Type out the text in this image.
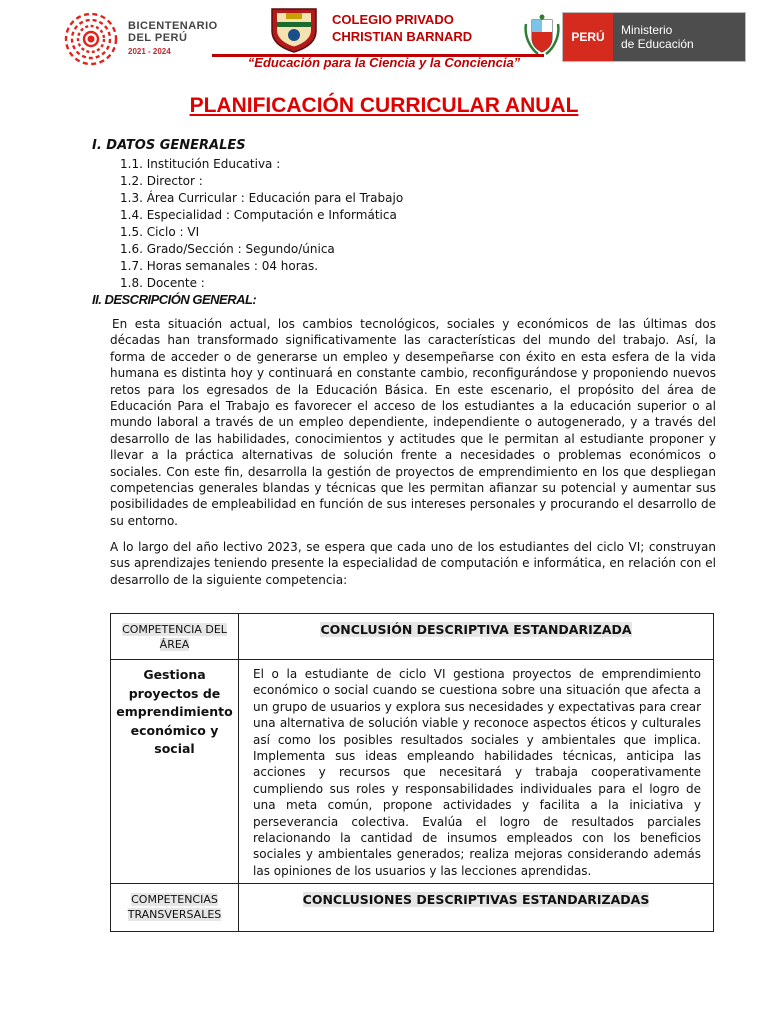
BICENTENARIO
DEL PERÚ
2021 - 2024
COLEGIO PRIVADO
CHRISTIAN BARNARD	PERÚ	Ministerio
de Educación
“Educación para la Ciencia y la Conciencia”
PLANIFICACIÓN CURRICULAR ANUAL
I. DATOS GENERALES
1.1. Institución Educativa :
1.2. Director :
1.3. Área Curricular : Educación para el Trabajo
1.4. Especialidad : Computación e Informática
1.5. Ciclo : VI
1.6. Grado/Sección : Segundo/única
1.7. Horas semanales : 04 horas.
1.8. Docente :
II. DESCRIPCIÓN GENERAL:

En esta situación actual, los cambios tecnológicos, sociales y económicos de las últimas dos décadas han transformado significativamente las características del mundo del trabajo. Así, la forma de acceder o de generarse un empleo y desempeñarse con éxito en esta esfera de la vida humana es distinta hoy y continuará en constante cambio, reconfigurándose y proponiendo nuevos retos para los egresados de la Educación Básica. En este escenario, el propósito del área de Educación Para el Trabajo es favorecer el acceso de los estudiantes a la educación superior o al mundo laboral a través de un empleo dependiente, independiente o autogenerado, y a través del desarrollo de las habilidades, conocimientos y actitudes que le permitan al estudiante proponer y llevar a la práctica alternativas de solución frente a necesidades o problemas económicos o sociales. Con este fin, desarrolla la gestión de proyectos de emprendimiento en los que despliegan competencias generales blandas y técnicas que les permitan afianzar su potencial y aumentar sus posibilidades de empleabilidad en función de sus intereses personales y procurando el desarrollo de su entorno.

A lo largo del año lectivo 2023, se espera que cada uno de los estudiantes del ciclo VI; construyan sus aprendizajes teniendo presente la especialidad de computación e informática, en relación con el desarrollo de la siguiente competencia:

COMPETENCIA DEL ÁREA	CONCLUSIÓN DESCRIPTIVA ESTANDARIZADA
Gestiona proyectos de emprendimiento económico y social	El o la estudiante de ciclo VI gestiona proyectos de emprendimiento económico o social cuando se cuestiona sobre una situación que afecta a un grupo de usuarios y explora sus necesidades y expectativas para crear una alternativa de solución viable y reconoce aspectos éticos y culturales así como los posibles resultados sociales y ambientales que implica. Implementa sus ideas empleando habilidades técnicas, anticipa las acciones y recursos que necesitará y trabaja cooperativamente cumpliendo sus roles y responsabilidades individuales para el logro de una meta común, propone actividades y facilita a la iniciativa y perseverancia colectiva. Evalúa el logro de resultados parciales relacionando la cantidad de insumos empleados con los beneficios sociales y ambientales generados; realiza mejoras considerando además las opiniones de los usuarios y las lecciones aprendidas.
COMPETENCIAS TRANSVERSALES	CONCLUSIONES DESCRIPTIVAS ESTANDARIZADAS
